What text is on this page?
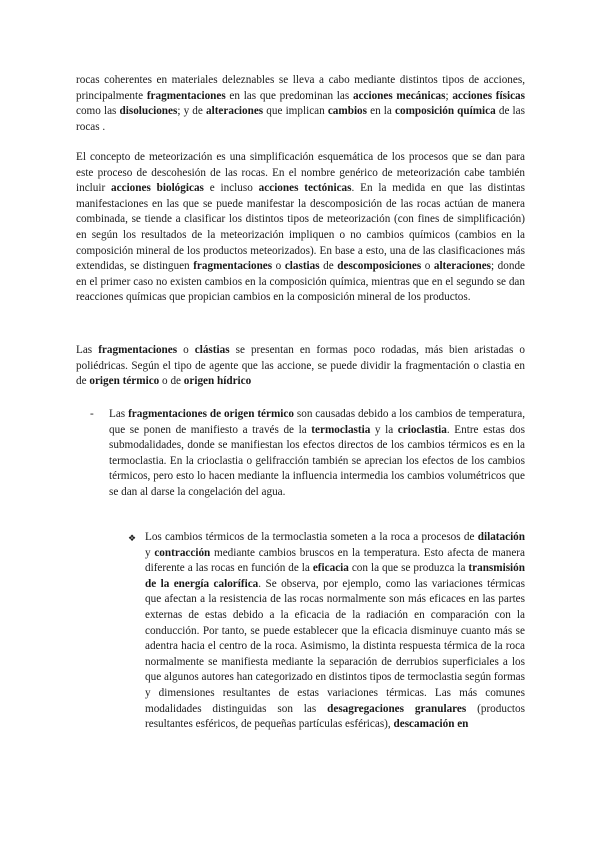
rocas coherentes en materiales deleznables se lleva a cabo mediante distintos tipos de acciones, principalmente fragmentaciones en las que predominan las acciones mecánicas; acciones físicas como las disoluciones; y de alteraciones que implican cambios en la composición química de las rocas .

El concepto de meteorización es una simplificación esquemática de los procesos que se dan para este proceso de descohesión de las rocas. En el nombre genérico de meteorización cabe también incluir acciones biológicas e incluso acciones tectónicas. En la medida en que las distintas manifestaciones en las que se puede manifestar la descomposición de las rocas actúan de manera combinada, se tiende a clasificar los distintos tipos de meteorización (con fines de simplificación) en según los resultados de la meteorización impliquen o no cambios químicos (cambios en la composición mineral de los productos meteorizados). En base a esto, una de las clasificaciones más extendidas, se distinguen fragmentaciones o clastias de descomposiciones o alteraciones; donde en el primer caso no existen cambios en la composición química, mientras que en el segundo se dan reacciones químicas que propician cambios en la composición mineral de los productos.

Las fragmentaciones o clástias se presentan en formas poco rodadas, más bien aristadas o poliédricas. Según el tipo de agente que las accione, se puede dividir la fragmentación o clastia en de origen térmico o de origen hídrico

- Las fragmentaciones de origen térmico son causadas debido a los cambios de temperatura, que se ponen de manifiesto a través de la termoclastia y la crioclastia. Entre estas dos submodalidades, donde se manifiestan los efectos directos de los cambios térmicos es en la termoclastia. En la crioclastia o gelifracción también se aprecian los efectos de los cambios térmicos, pero esto lo hacen mediante la influencia intermedia los cambios volumétricos que se dan al darse la congelación del agua.

❖ Los cambios térmicos de la termoclastia someten a la roca a procesos de dilatación y contracción mediante cambios bruscos en la temperatura. Esto afecta de manera diferente a las rocas en función de la eficacia con la que se produzca la transmisión de la energía calorífica. Se observa, por ejemplo, como las variaciones térmicas que afectan a la resistencia de las rocas normalmente son más eficaces en las partes externas de estas debido a la eficacia de la radiación en comparación con la conducción. Por tanto, se puede establecer que la eficacia disminuye cuanto más se adentra hacia el centro de la roca. Asimismo, la distinta respuesta térmica de la roca normalmente se manifiesta mediante la separación de derrubios superficiales a los que algunos autores han categorizado en distintos tipos de termoclastia según formas y dimensiones resultantes de estas variaciones térmicas. Las más comunes modalidades distinguidas son las desagregaciones granulares (productos resultantes esféricos, de pequeñas partículas esféricas), descamación en
